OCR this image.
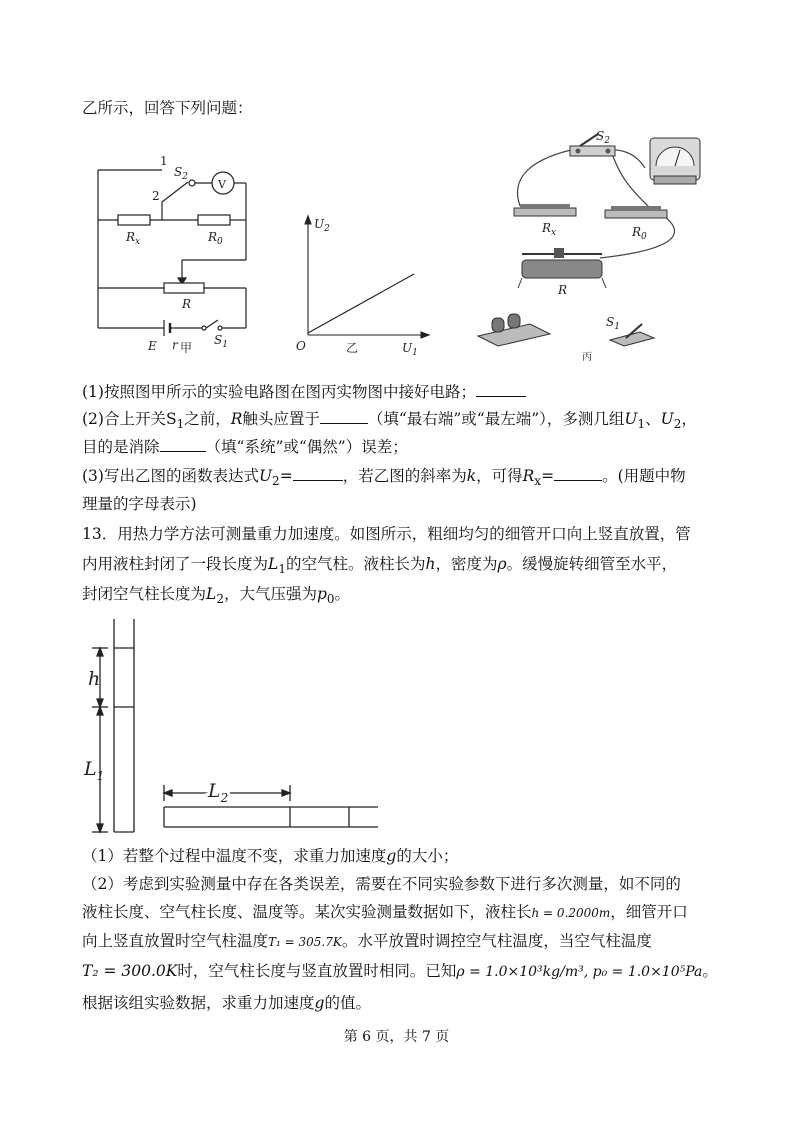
乙所示，回答下列问题：
1
2
$S_2$
V
$R_x$	$R_0$
R
E r 甲
$S_1$
$U_2$
O	乙	$U_1$
$S_2$
$R_x$	$R_0$
R
$S_1$
丙
(1)按照图甲所示的实验电路图在图丙实物图中接好电路；
(2)合上开关$S_1$之前，R触头应置于	（填“最右端”或“最左端”），多测几组$U_1$、$U_2$，
目的是消除	（填“系统”或“偶然”）误差；
(3)写出乙图的函数表达式$U_2=$	，若乙图的斜率为k，可得$R_x=$	。(用题中物
理量的字母表示)
13．用热力学方法可测量重力加速度。如图所示，粗细均匀的细管开口向上竖直放置，管
内用液柱封闭了一段长度为$L_1$的空气柱。液柱长为h，密度为ρ。缓慢旋转细管至水平，
封闭空气柱长度为$L_2$，大气压强为$p_0$。
h
$L_1$
$L_2$
（1）若整个过程中温度不变，求重力加速度g的大小；
（2）考虑到实验测量中存在各类误差，需要在不同实验参数下进行多次测量，如不同的
液柱长度、空气柱长度、温度等。某次实验测量数据如下，液柱长h = 0.2000m，细管开口
向上竖直放置时空气柱温度T₁ = 305.7K。水平放置时调控空气柱温度，当空气柱温度
T₂ = 300.0K时，空气柱长度与竖直放置时相同。已知ρ = 1.0×10³kg/m³, p₀ = 1.0×10⁵Pa。
根据该组实验数据，求重力加速度g的值。
第 6 页，共 7 页
